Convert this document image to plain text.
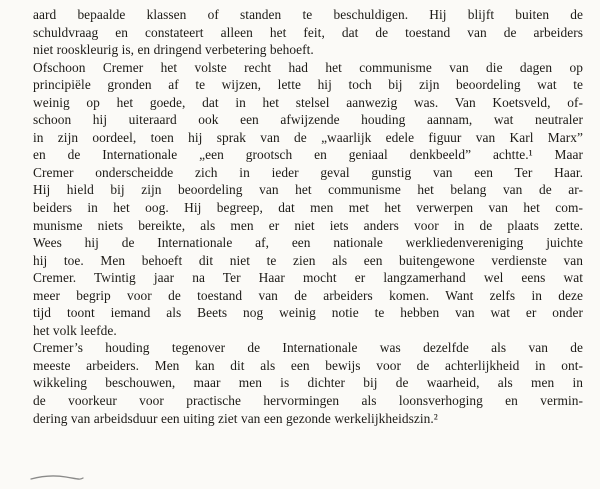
aard bepaalde klassen of standen te beschuldigen. Hij blijft buiten de
schuldvraag en constateert alleen het feit, dat de toestand van de arbeiders
niet rooskleurig is, en dringend verbetering behoeft.
Ofschoon Cremer het volste recht had het communisme van die dagen op
principiële gronden af te wijzen, lette hij toch bij zijn beoordeling wat te
weinig op het goede, dat in het stelsel aanwezig was. Van Koetsveld, of-
schoon hij uiteraard ook een afwijzende houding aannam, wat neutraler
in zijn oordeel, toen hij sprak van de „waarlijk edele figuur van Karl Marx”
en de Internationale „een grootsch en geniaal denkbeeld” achtte.¹ Maar
Cremer onderscheidde zich in ieder geval gunstig van een Ter Haar.
Hij hield bij zijn beoordeling van het communisme het belang van de ar-
beiders in het oog. Hij begreep, dat men met het verwerpen van het com-
munisme niets bereikte, als men er niet iets anders voor in de plaats zette.
Wees hij de Internationale af, een nationale werkliedenvereniging juichte
hij toe. Men behoeft dit niet te zien als een buitengewone verdienste van
Cremer. Twintig jaar na Ter Haar mocht er langzamerhand wel eens wat
meer begrip voor de toestand van de arbeiders komen. Want zelfs in deze
tijd toont iemand als Beets nog weinig notie te hebben van wat er onder
het volk leefde.
Cremer’s houding tegenover de Internationale was dezelfde als van de
meeste arbeiders. Men kan dit als een bewijs voor de achterlijkheid in ont-
wikkeling beschouwen, maar men is dichter bij de waarheid, als men in
de voorkeur voor practische hervormingen als loonsverhoging en vermin-
dering van arbeidsduur een uiting ziet van een gezonde werkelijkheidszin.²
